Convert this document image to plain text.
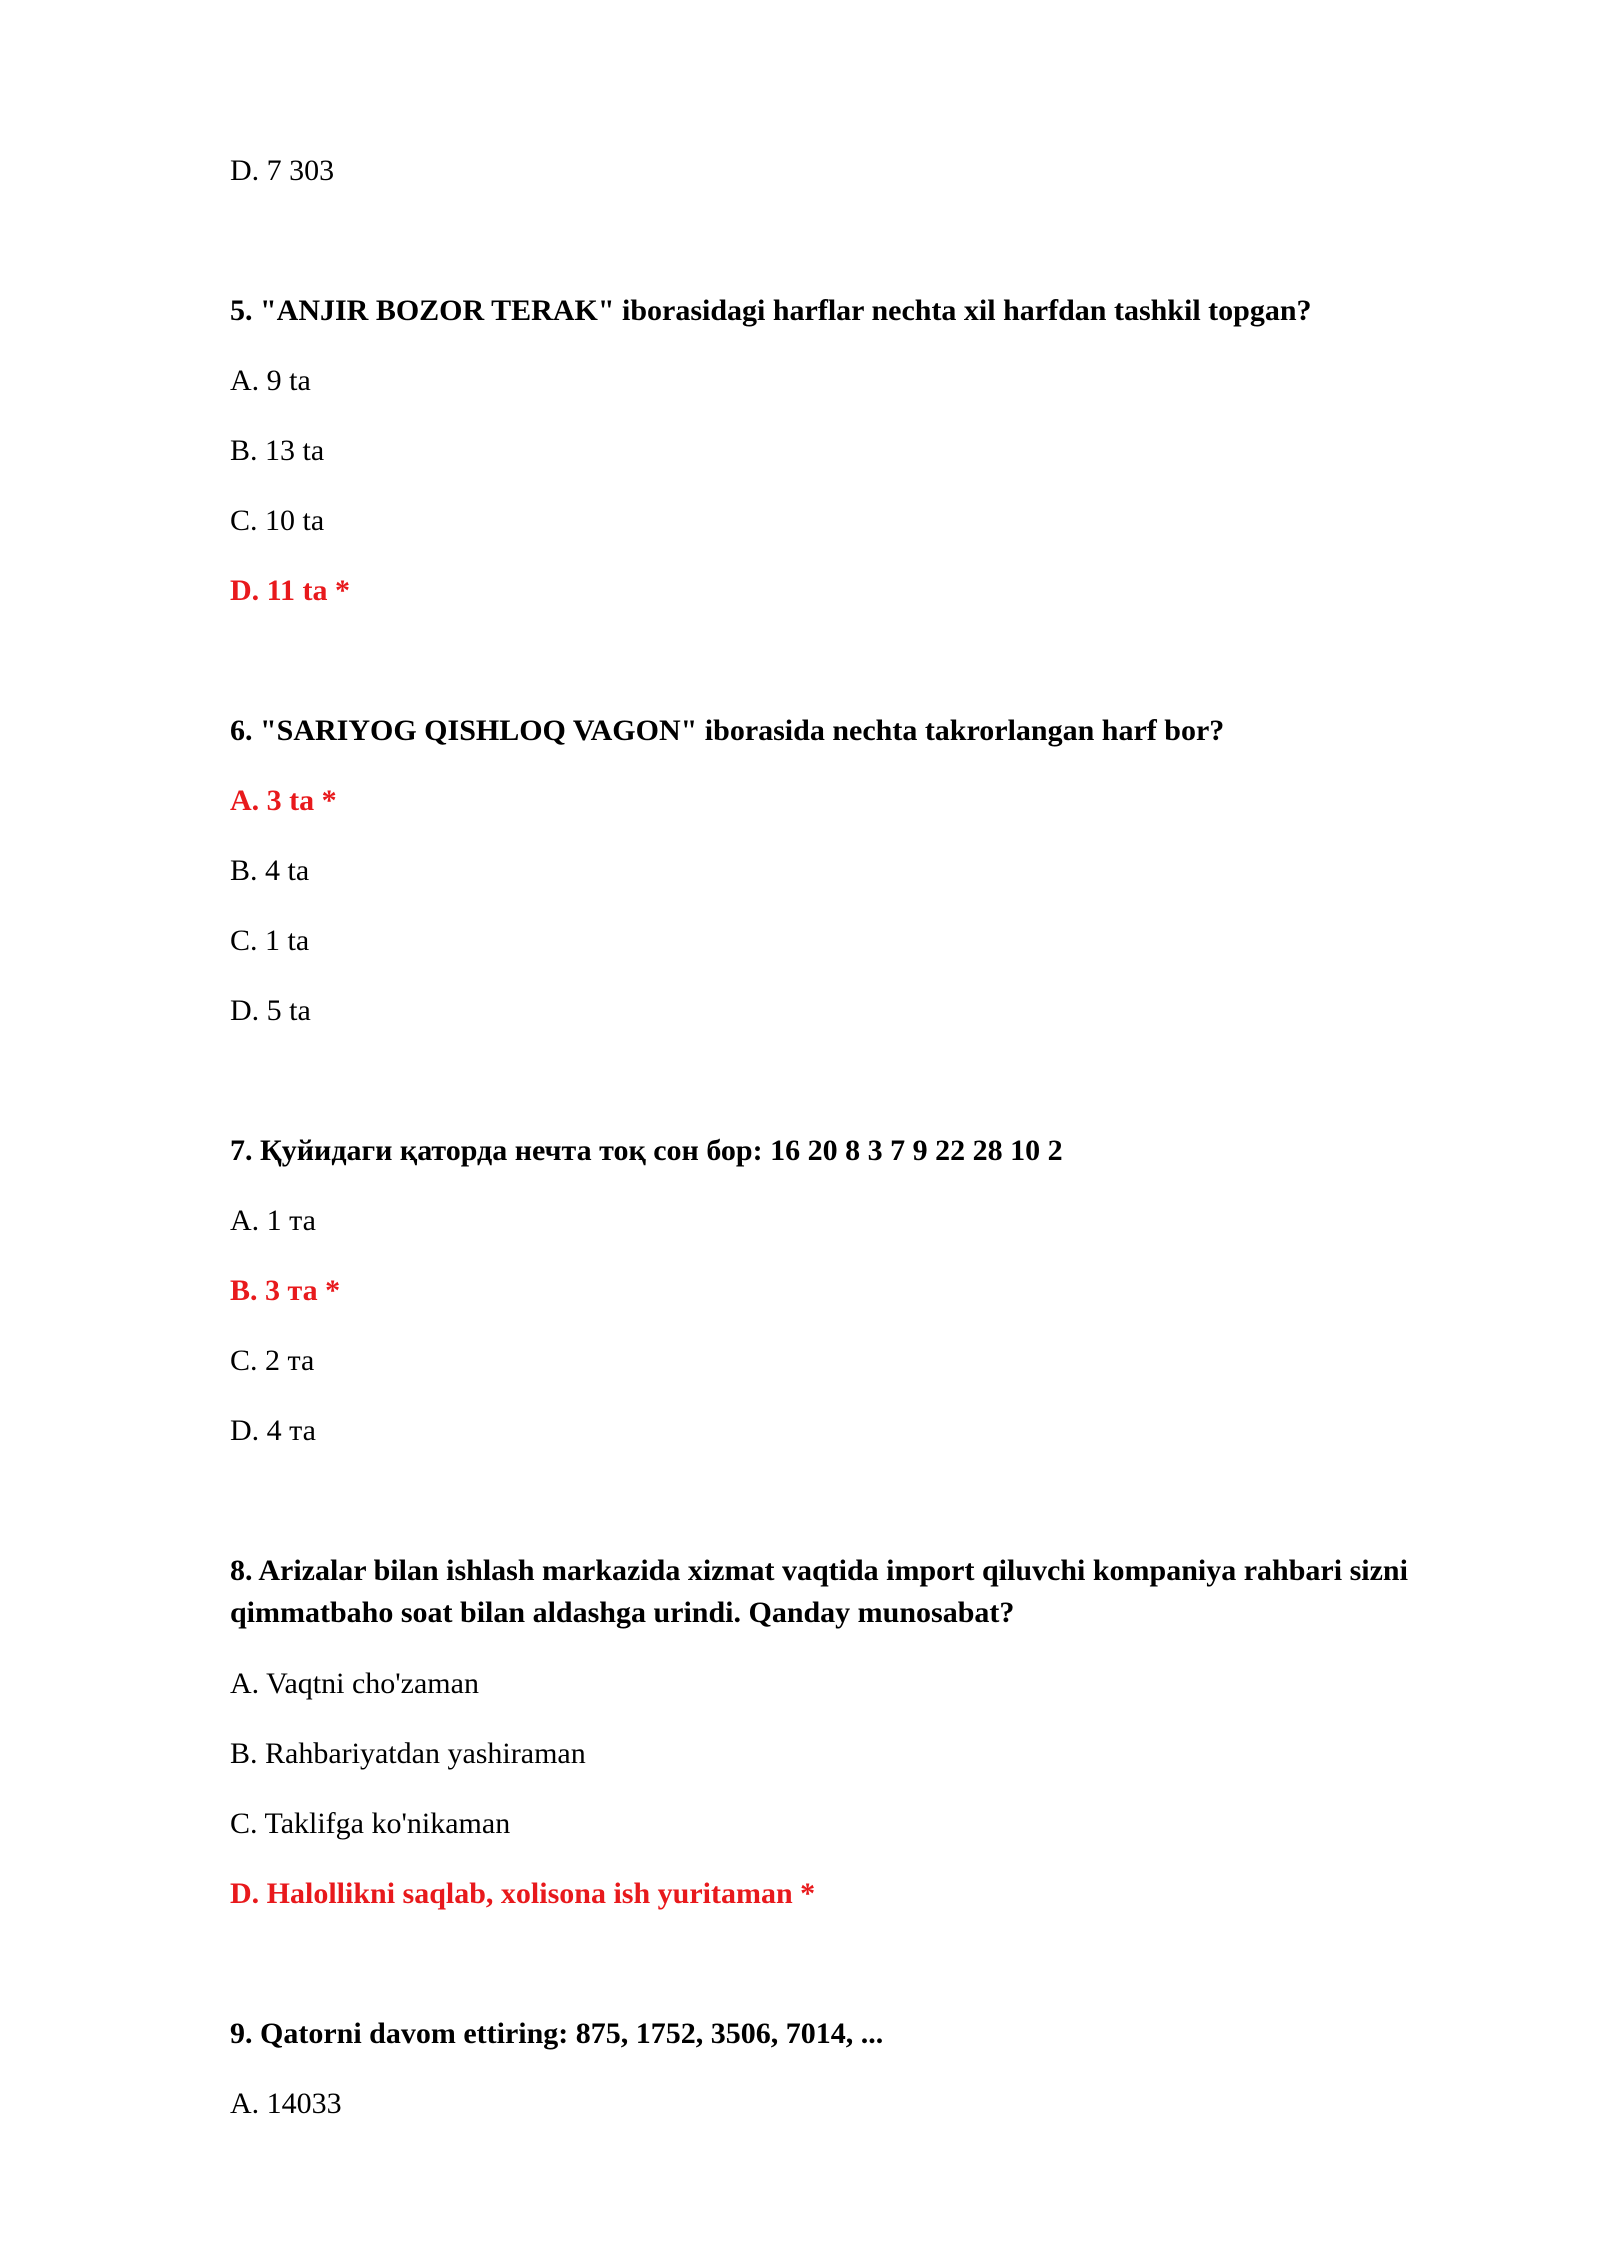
D. 7 303
5. "ANJIR BOZOR TERAK" iborasidagi harflar nechta xil harfdan tashkil topgan?
A. 9 ta
B. 13 ta
C. 10 ta
D. 11 ta *
6. "SARIYOG QISHLOQ VAGON" iborasida nechta takrorlangan harf bor?
A. 3 ta *
B. 4 ta
C. 1 ta
D. 5 ta
7. Қуйидаги қаторда нечта тоқ сон бор: 16 20 8 3 7 9 22 28 10 2
A. 1 та
B. 3 та *
C. 2 та
D. 4 та
8. Arizalar bilan ishlash markazida xizmat vaqtida import qiluvchi kompaniya rahbari sizni qimmatbaho soat bilan aldashga urindi. Qanday munosabat?
A. Vaqtni cho'zaman
B. Rahbariyatdan yashiraman
C. Taklifga ko'nikaman
D. Halollikni saqlab, xolisona ish yuritaman *
9. Qatorni davom ettiring: 875, 1752, 3506, 7014, ...
A. 14033
